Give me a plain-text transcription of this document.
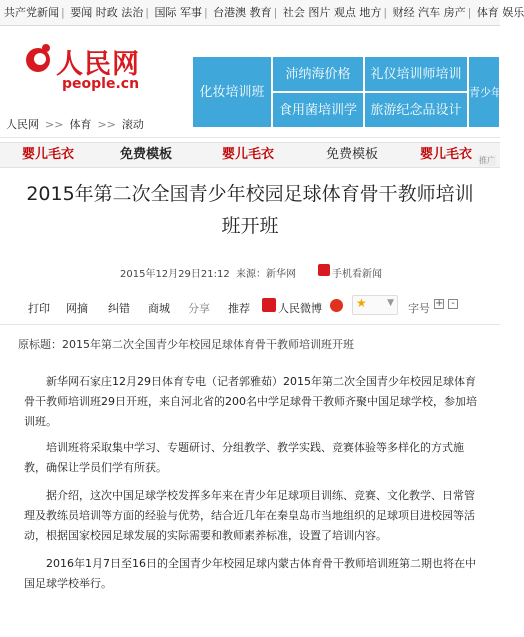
共产党新闻 | 要闻 时政 法治 | 国际 军事 | 台港澳 教育 | 社会 图片 观点 地方 | 财经 汽车 房产 | 体育 娱乐
人民网
people.cn
化妆培训班
沛纳海价格	礼仪培训师培训
食用菌培训学	旅游纪念品设计
青少年模
人民网 >> 体育 >> 滚动
婴儿毛衣	免费模板	婴儿毛衣	免费模板	婴儿毛衣 推广
2015年第二次全国青少年校园足球体育骨干教师培训班开班
2015年12月29日21:12 来源：新华网	手机看新闻
打印 网摘 纠错 商城 分享 推荐	人民微博	★ ▼ 字号 + -
原标题：2015年第二次全国青少年校园足球体育骨干教师培训班开班

新华网石家庄12月29日体育专电（记者郭雅茹）2015年第二次全国青少年校园足球体育骨干教师培训班29日开班，来自河北省的200名中学足球骨干教师齐聚中国足球学校，参加培训班。

培训班将采取集中学习、专题研讨、分组教学、教学实践、竞赛体验等多样化的方式施教，确保让学员们学有所获。

据介绍，这次中国足球学校发挥多年来在青少年足球项目训练、竞赛、文化教学、日常管理及教练员培训等方面的经验与优势，结合近几年在秦皇岛市当地组织的足球项目进校园等活动，根据国家校园足球发展的实际需要和教师素养标准，设置了培训内容。

2016年1月7日至16日的全国青少年校园足球内蒙古体育骨干教师培训班第二期也将在中国足球学校举行。
